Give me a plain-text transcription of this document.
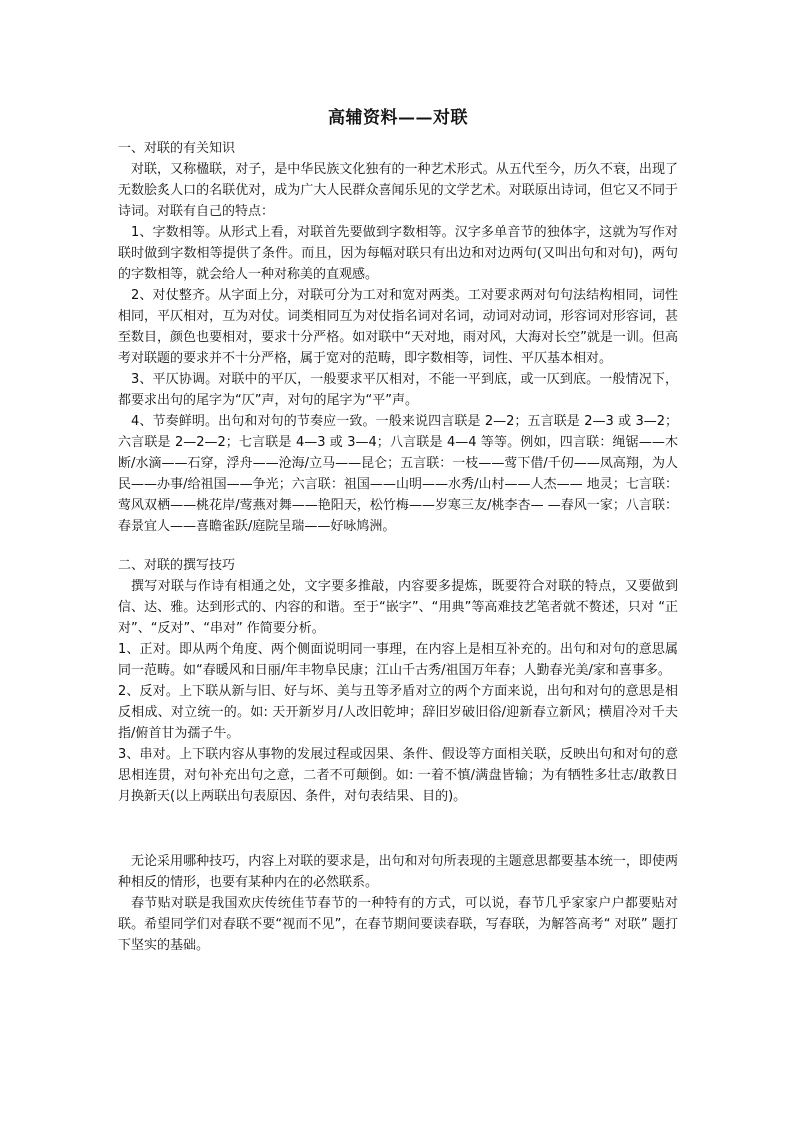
高辅资料——对联

一、对联的有关知识

对联，又称楹联，对子，是中华民族文化独有的一种艺术形式。从五代至今，历久不衰，出现了无数脍炙人口的名联优对，成为广大人民群众喜闻乐见的文学艺术。对联原出诗词，但它又不同于诗词。对联有自己的特点：

1、字数相等。从形式上看，对联首先要做到字数相等。汉字多单音节的独体字，这就为写作对联时做到字数相等提供了条件。而且，因为每幅对联只有出边和对边两句(又叫出句和对句)，两句的字数相等，就会给人一种对称美的直观感。

2、对仗整齐。从字面上分，对联可分为工对和宽对两类。工对要求两对句句法结构相同，词性相同，平仄相对，互为对仗。词类相同互为对仗指名词对名词，动词对动词，形容词对形容词，甚至数目，颜色也要相对，要求十分严格。如对联中“天对地，雨对风，大海对长空”就是一训。但高考对联题的要求并不十分严格，属于宽对的范畴，即字数相等，词性、平仄基本相对。

3、平仄协调。对联中的平仄，一般要求平仄相对，不能一平到底，或一仄到底。一般情况下，都要求出句的尾字为“仄”声，对句的尾字为“平”声。

4、节奏鲜明。出句和对句的节奏应一致。一般来说四言联是 2—2；五言联是 2—3 或 3—2；六言联是 2—2—2；七言联是 4—3 或 3—4；八言联是 4—4 等等。例如，四言联：绳锯——木断/水滴——石穿，浮舟——沧海/立马——昆仑；五言联：一枝——莺下借/千仞——凤高翔，为人民——办事/给祖国——争光；六言联：祖国——山明——水秀/山村——人杰—— 地灵；七言联：莺风双栖——桃花岸/莺燕对舞——艳阳天，松竹梅——岁寒三友/桃李杏— —春风一家；八言联：春景宜人——喜瞻雀跃/庭院呈瑞——好咏鸠洲。

二、对联的撰写技巧

撰写对联与作诗有相通之处，文字要多推敲，内容要多提炼，既要符合对联的特点，又要做到信、达、雅。达到形式的、内容的和谐。至于“嵌字”、“用典”等高难技艺笔者就不赘述，只对 “正对”、“反对”、“串对” 作简要分析。

1、正对。即从两个角度、两个侧面说明同一事理，在内容上是相互补充的。出句和对句的意思属同一范畴。如“春暖风和日丽/年丰物阜民康；江山千古秀/祖国万年春；人勤春光美/家和喜事多。

2、反对。上下联从新与旧、好与坏、美与丑等矛盾对立的两个方面来说，出句和对句的意思是相反相成、对立统一的。如: 天开新岁月/人改旧乾坤；辞旧岁破旧俗/迎新春立新风；横眉冷对千夫指/俯首甘为孺子牛。

3、串对。上下联内容从事物的发展过程或因果、条件、假设等方面相关联，反映出句和对句的意思相连贯，对句补充出句之意，二者不可颠倒。如: 一着不慎/满盘皆输；为有牺牲多壮志/敢教日月换新天(以上两联出句表原因、条件，对句表结果、目的)。

无论采用哪种技巧，内容上对联的要求是，出句和对句所表现的主题意思都要基本统一，即使两种相反的情形，也要有某种内在的必然联系。

春节贴对联是我国欢庆传统佳节春节的一种特有的方式，可以说，春节几乎家家户户都要贴对联。希望同学们对春联不要“视而不见”，在春节期间要读春联，写春联，为解答高考“ 对联” 题打下坚实的基础。
